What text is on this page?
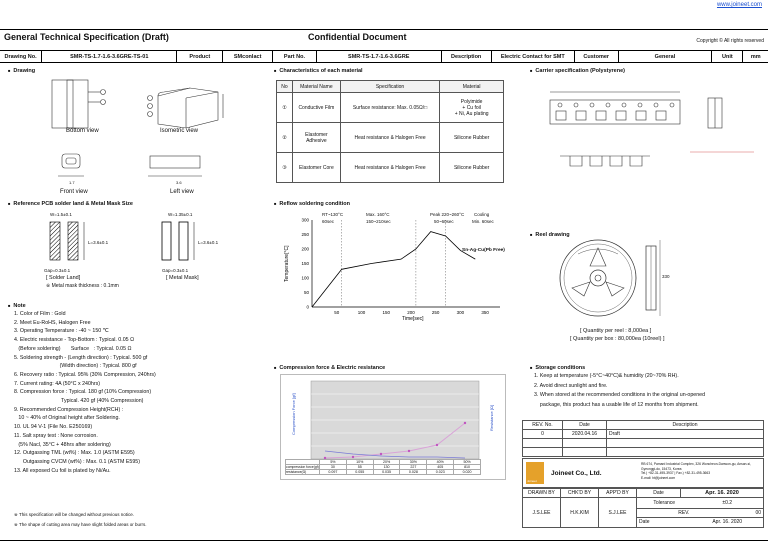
www.joineet.com
General Technical Specification (Draft)	Confidential Document	Copyright © All rights reserved
Drawing No.	SMR-TS-1.7-1.6-3.6GRE-TS-01	Product	SMconlact	Part No.	SMR-TS-1.7-1.6-3.6GRE	Description	Electric Contact for SMT	Customer	General	Unit	mm
■ Drawing
Bottom view	Isometric view
1.7	3.6
Front view	Left view
■ Characteristics of each material
No	Material Name	Specification	Material
①	Conductive Film	Surface resistance: Max. 0.05Ω/□	Polyimide
+ Cu foil
+ Ni, Au plating
②	Elastomer Adhesive	Heat resistance & Halogen Free	Silicone Rubber
③	Elastomer Core	Heat resistance & Halogen Free	Silicone Rubber
■ Carrier specification (Polystyrene)
■ Reference PCB solder land & Metal Mask Size
W=1.5±0.1	W=1.35±0.1
L=3.6±0.1	L=3.6±0.1
Gap=0.3±0.1	Gap=0.3±0.1
[ Solder Land]	[ Metal Mask]
※ Metal mask thickness : 0.1mm
■ Reflow soldering condition
0
50
100
150
200
250
300
50	100	150	200	250	300	350
Temperature[°C]
Time[sec]
RT~130°C
60sec
Max. 160°C
150~210sec
Peak 220~260°C
50~60sec
Cooling
Min. 60sec
Sn-Ag-Cu(Pb Free)
■ Reel drawing
330
[ Quantity per reel : 8,000ea ]
[ Quantity per box : 80,000ea (10reel) ]
■ Note

1. Color of Film : Gold

2. Meet Eu-RoHS, Halogen Free

3. Operating Temperature : -40 ~ 150 ℃

4. Electric resistance - Top-Bottom : Typical. 0.05 Ω

(Before soldering)       Surface   : Typical. 0.05 Ω

5. Soldering strength - (Length direction) : Typical. 500 gf

(Width direction) : Typical. 800 gf

6. Recovery ratio : Typical. 95% (30% Compression, 240hrs)

7. Current rating: 4A (50°C x 240hrs)

8. Compression force : Typical. 180 gf (10% Compression)

Typical. 420 gf (40% Compression)

9. Recommended Compression Height(RCH) :

10 ~ 40% of Original height after Soldering.

10. UL 94 V-1 (File No. E250169)

11. Salt spray test : None corrosion.

(5% Nacl, 35°C + 48hrs after soldering)

12. Outgassing TML (wt%) : Max. 1.0 (ASTM E595)

Outgassing CVCM (wt%) : Max. 0.1 (ASTM E595)

13. All exposed Cu foil is plated by Ni/Au.

※ This specification will be changed without previous notice.
※ The shape of cutting area may have slight folded areas or burrs.
■ Compression force & Electric resistance
Compression Force [gf]	Resistance [Ω]
	5%	10%	20%	30%	40%	50%
compression force(gf)	30	55	130	227	405	810
resistance(Ω)	0.097	0.055	0.035	0.028	0.023	0.020
■ Storage conditions

1. Keep at temperature (-5°C~40°C)& humidity (20~70% RH).

2. Avoid direct sunlight and fire.

3. When stored at the recommended conditions in the original un-opened

package, this product has a usable life of 12 months from shipment.

REV. No.	Date	Description
0	2020.04.16	Draft

Joineet
Joineet Co., Ltd.
RB 674, Pamard Industrial Complex, 326 Woncheon-Danwon-gu, Ansan-si, Gyeonggi-do, 15473, Korea
Tel.) +82-31-495-3937 | Fax.) +82-31-495-3663
E-mail: ht@joineet.com
DRAWN BY	CHK'D BY	APP'D BY	Date	Apr. 16. 2020
J.S.LEE	H.K.KIM	S.J.LEE	
Tolerance	±0.2
REV.	00
Date	Apr. 16. 2020
